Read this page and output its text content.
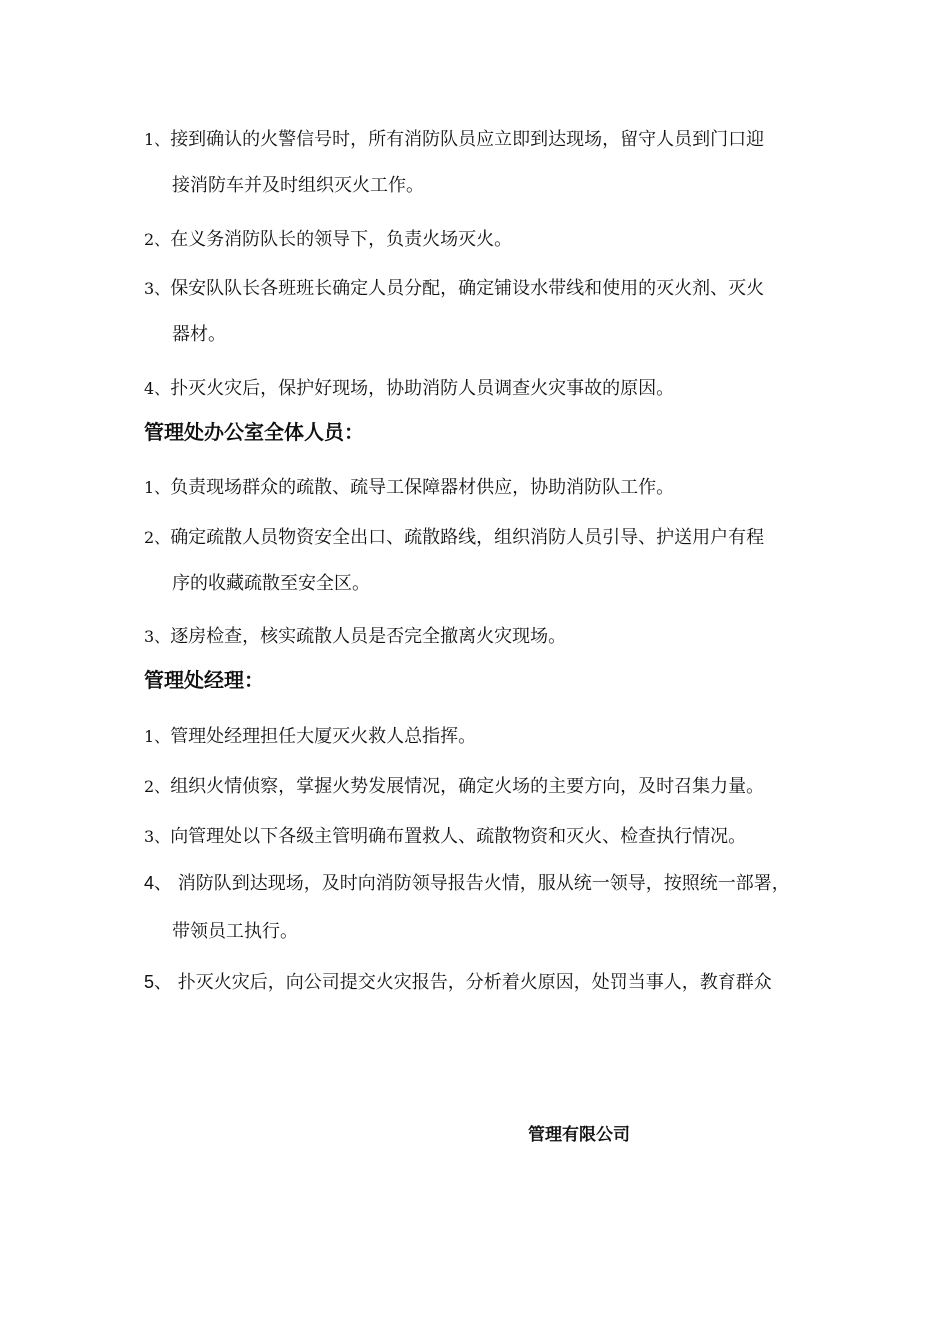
1、接到确认的火警信号时，所有消防队员应立即到达现场，留守人员到门口迎
接消防车并及时组织灭火工作。
2、在义务消防队长的领导下，负责火场灭火。
3、保安队队长各班班长确定人员分配，确定铺设水带线和使用的灭火剂、灭火
器材。
4、扑灭火灾后，保护好现场，协助消防人员调查火灾事故的原因。
管理处办公室全体人员：
1、负责现场群众的疏散、疏导工保障器材供应，协助消防队工作。
2、确定疏散人员物资安全出口、疏散路线，组织消防人员引导、护送用户有程
序的收藏疏散至安全区。
3、逐房检查，核实疏散人员是否完全撤离火灾现场。
管理处经理：
1、管理处经理担任大厦灭火救人总指挥。
2、组织火情侦察，掌握火势发展情况，确定火场的主要方向，及时召集力量。
3、向管理处以下各级主管明确布置救人、疏散物资和灭火、检查执行情况。
4、 消防队到达现场，及时向消防领导报告火情，服从统一领导，按照统一部署，
带领员工执行。
5、 扑灭火灾后，向公司提交火灾报告，分析着火原因，处罚当事人，教育群众
管理有限公司
